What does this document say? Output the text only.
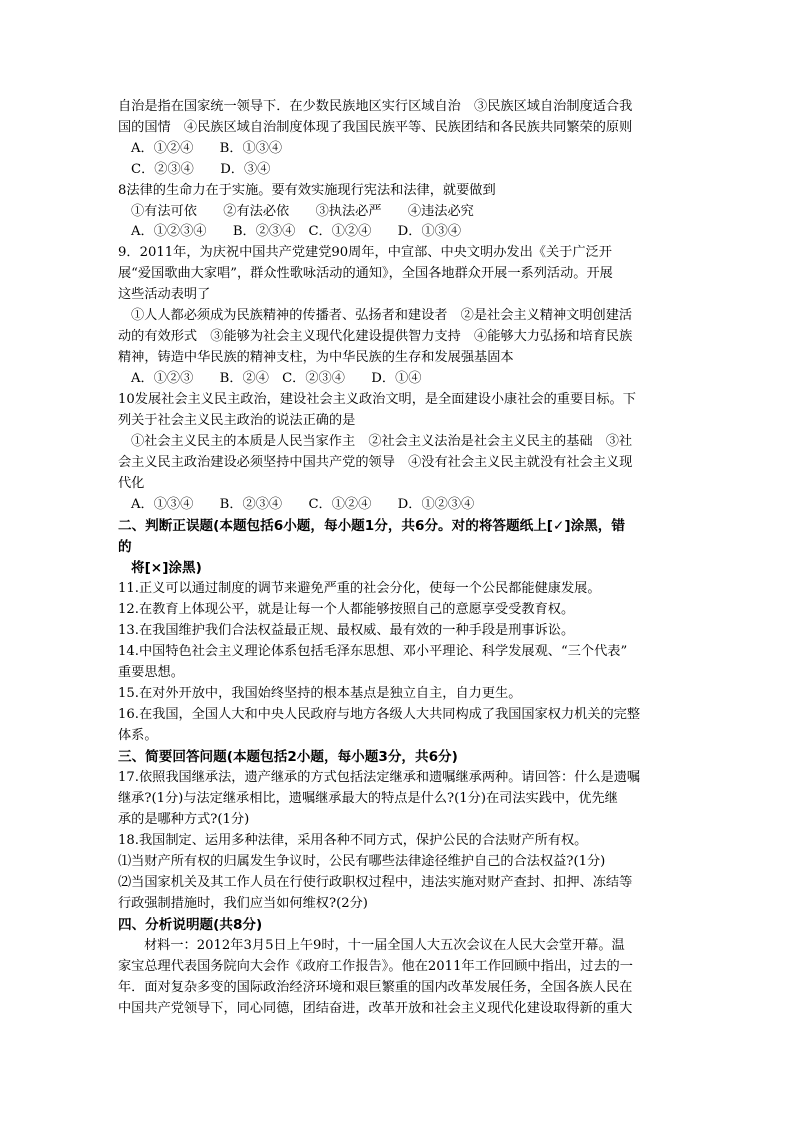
自治是指在国家统一领导下．在少数民族地区实行区域自治　③民族区域自治制度适合我
国的国情　④民族区域自治制度体现了我国民族平等、民族团结和各民族共同繁荣的原则
A．①②④　　B．①③④
C．②③④　　D．③④
8法律的生命力在于实施。要有效实施现行宪法和法律，就要做到
①有法可依　　②有法必依　　③执法必严　　④违法必究
A．①②③④　　B．②③④　C．①②④　　D．①③④
9．2011年，为庆祝中国共产党建党90周年，中宣部、中央文明办发出《关于广泛开
展“爱国歌曲大家唱”，群众性歌咏活动的通知》，全国各地群众开展一系列活动。开展
这些活动表明了
①人人都必须成为民族精神的传播者、弘扬者和建设者　②是社会主义精神文明创建活
动的有效形式　③能够为社会主义现代化建设提供智力支持　④能够大力弘扬和培育民族
精神，铸造中华民族的精神支柱，为中华民族的生存和发展强基固本
A．①②③　　B．②④　C．②③④　　D．①④
10发展社会主义民主政治，建设社会主义政治文明，是全面建设小康社会的重要目标。下
列关于社会主义民主政治的说法正确的是
①社会主义民主的本质是人民当家作主　②社会主义法治是社会主义民主的基础　③社
会主义民主政治建设必须坚持中国共产党的领导　④没有社会主义民主就没有社会主义现
代化
A．①③④　　B．②③④　　C．①②④　　D．①②③④
二、判断正误题(本题包括6小题，每小题1分，共6分。对的将答题纸上[✓]涂黑，错
的
将[×]涂黑)
11.正义可以通过制度的调节来避免严重的社会分化，使每一个公民都能健康发展。
12.在教育上体现公平，就是让每一个人都能够按照自己的意愿享受受教育权。
13.在我国维护我们合法权益最正规、最权威、最有效的一种手段是刑事诉讼。
14.中国特色社会主义理论体系包括毛泽东思想、邓小平理论、科学发展观、“三个代表”
重要思想。
15.在对外开放中，我国始终坚持的根本基点是独立自主，自力更生。
16.在我国，全国人大和中央人民政府与地方各级人大共同构成了我国国家权力机关的完整
体系。
三、简要回答问题(本题包括2小题，每小题3分，共6分)
17.依照我国继承法，遗产继承的方式包括法定继承和遗嘱继承两种。请回答：什么是遗嘱
继承?(1分)与法定继承相比，遗嘱继承最大的特点是什么?(1分)在司法实践中，优先继
承的是哪种方式?(1分)
18.我国制定、运用多种法律，采用各种不同方式，保护公民的合法财产所有权。
⑴当财产所有权的归属发生争议时，公民有哪些法律途径维护自己的合法权益?(1分)
⑵当国家机关及其工作人员在行使行政职权过程中，违法实施对财产查封、扣押、冻结等
行政强制措施时，我们应当如何维权?(2分)
四、分析说明题(共8分)
材料一：2012年3月5日上午9时，十一届全国人大五次会议在人民大会堂开幕。温
家宝总理代表国务院向大会作《政府工作报告》。他在2011年工作回顾中指出，过去的一
年．面对复杂多变的国际政治经济环境和艰巨繁重的国内改革发展任务，全国各族人民在
中国共产党领导下，同心同德，团结奋进，改革开放和社会主义现代化建设取得新的重大
